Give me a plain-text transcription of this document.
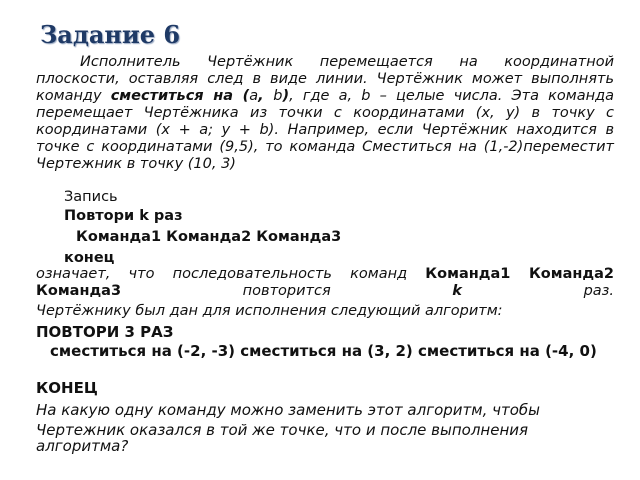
Задание 6
Исполнитель Чертёжник перемещается на координатной плоскости, оставляя след в виде линии. Чертёжник может выполнять команду сместиться на (a, b), где a, b – целые числа. Эта команда перемещает Чертёжника из точки с координатами (x, y) в точку с координатами (x + a; y + b). Например, если Чертёжник находится в точке с координатами (9,5), то команда Сместиться на (1,-2)переместит Чертежник в точку (10, 3)
Запись
Повтори k раз
Команда1 Команда2 Команда3
конец
означает, что последовательность команд Команда1 Команда2 Команда3 повторится k раз.
Чертёжнику был дан для исполнения следующий алгоритм:
ПОВТОРИ 3 РАЗ
сместиться на (-2, -3) сместиться на (3, 2) сместиться на (-4, 0)
КОНЕЦ
На какую одну команду можно заменить этот алгоритм, чтобы
Чертежник оказался в той же точке, что и после выполнения алгоритма?
